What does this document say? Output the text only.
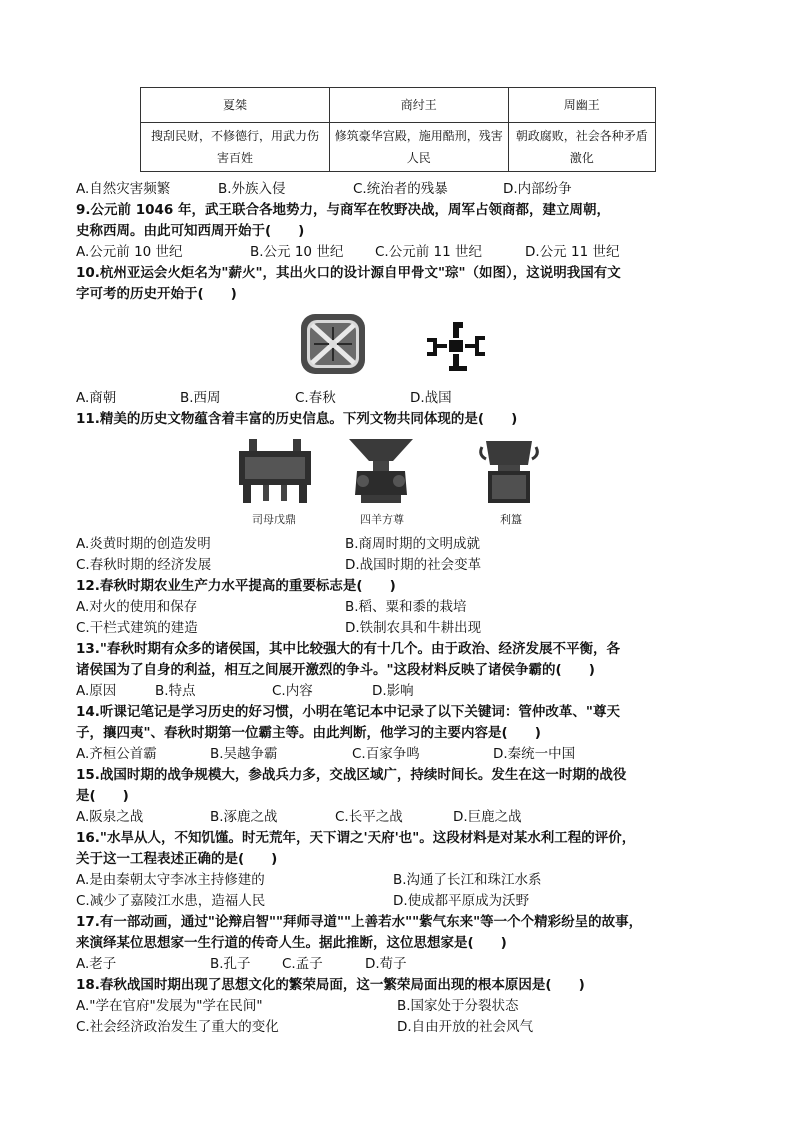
夏桀	商纣王	周幽王
搜刮民财，不修德行，用武力伤害百姓	修筑豪华宫殿，施用酷刑，残害人民	朝政腐败，社会各种矛盾激化
A.自然灾害频繁	B.外族入侵	C.统治者的残暴	D.内部纷争
9.公元前 1046 年，武王联合各地势力，与商军在牧野决战，周军占领商都，建立周朝，
史称西周。由此可知西周开始于(　　)
A.公元前 10 世纪	B.公元 10 世纪 C.公元前 11 世纪	D.公元 11 世纪
10.杭州亚运会火炬名为"薪火"，其出火口的设计源自甲骨文"琮"（如图），这说明我国有文
字可考的历史开始于(　　)
A.商朝	B.西周	C.春秋	D.战国
11.精美的历史文物蕴含着丰富的历史信息。下列文物共同体现的是(　　)
司母戊鼎	四羊方尊	利簋
A.炎黄时期的创造发明	B.商周时期的文明成就
C.春秋时期的经济发展	D.战国时期的社会变革
12.春秋时期农业生产力水平提高的重要标志是(　　)
A.对火的使用和保存	B.稻、粟和黍的栽培
C.干栏式建筑的建造	D.铁制农具和牛耕出现
13."春秋时期有众多的诸侯国，其中比较强大的有十几个。由于政治、经济发展不平衡，各
诸侯国为了自身的利益，相互之间展开激烈的争斗。"这段材料反映了诸侯争霸的(　　)
A.原因	B.特点	C.内容	D.影响
14.听课记笔记是学习历史的好习惯，小明在笔记本中记录了以下关键词：管仲改革、"尊天
子，攘四夷"、春秋时期第一位霸主等。由此判断，他学习的主要内容是(　　)
A.齐桓公首霸	B.吴越争霸	C.百家争鸣	D.秦统一中国
15.战国时期的战争规模大，参战兵力多，交战区域广，持续时间长。发生在这一时期的战役
是(　　)
A.阪泉之战	B.涿鹿之战	C.长平之战	D.巨鹿之战
16."水旱从人，不知饥馑。时无荒年，天下谓之'天府'也"。这段材料是对某水利工程的评价，
关于这一工程表述正确的是(　　)
A.是由秦朝太守李冰主持修建的	B.沟通了长江和珠江水系
C.减少了嘉陵江水患，造福人民	D.使成都平原成为沃野
17.有一部动画，通过"论辩启智""拜师寻道""上善若水""紫气东来"等一个个精彩纷呈的故事，
来演绎某位思想家一生行道的传奇人生。据此推断，这位思想家是(　　)
A.老子	B.孔子 C.孟子	D.荀子
18.春秋战国时期出现了思想文化的繁荣局面，这一繁荣局面出现的根本原因是(　　)
A."学在官府"发展为"学在民间"	B.国家处于分裂状态
C.社会经济政治发生了重大的变化	D.自由开放的社会风气
